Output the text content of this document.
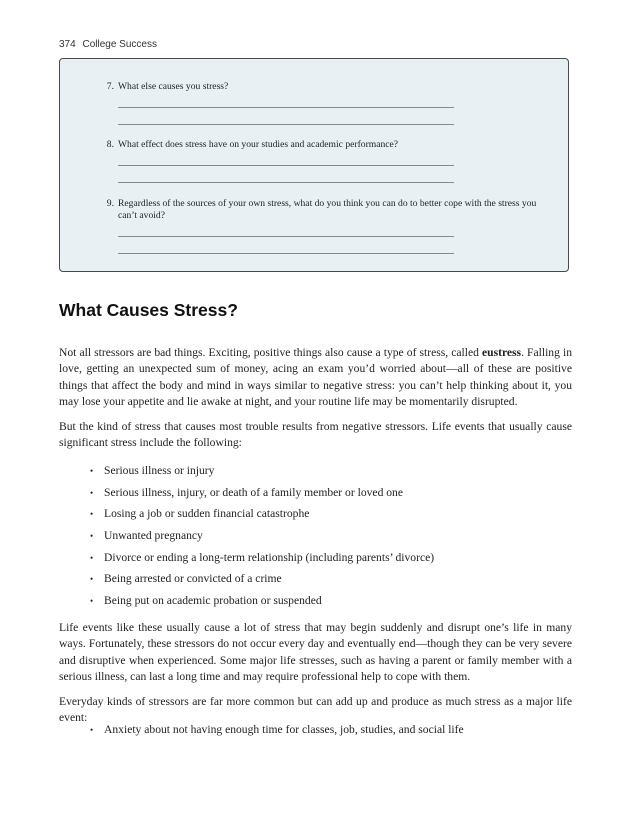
374 College Success
7. What else causes you stress?
8. What effect does stress have on your studies and academic performance?
9. Regardless of the sources of your own stress, what do you think you can do to better cope with the stress you can’t avoid?
What Causes Stress?

Not all stressors are bad things. Exciting, positive things also cause a type of stress, called eustress. Falling in love, getting an unexpected sum of money, acing an exam you’d worried about—all of these are positive things that affect the body and mind in ways similar to negative stress: you can’t help thinking about it, you may lose your appetite and lie awake at night, and your routine life may be momentarily disrupted.

But the kind of stress that causes most trouble results from negative stressors. Life events that usually cause significant stress include the following:

• Serious illness or injury
• Serious illness, injury, or death of a family member or loved one
• Losing a job or sudden financial catastrophe
• Unwanted pregnancy
• Divorce or ending a long-term relationship (including parents’ divorce)
• Being arrested or convicted of a crime
• Being put on academic probation or suspended

Life events like these usually cause a lot of stress that may begin suddenly and disrupt one’s life in many ways. Fortunately, these stressors do not occur every day and eventually end—though they can be very severe and disruptive when experienced. Some major life stresses, such as having a parent or family member with a serious illness, can last a long time and may require professional help to cope with them.

Everyday kinds of stressors are far more common but can add up and produce as much stress as a major life event:

• Anxiety about not having enough time for classes, job, studies, and social life
